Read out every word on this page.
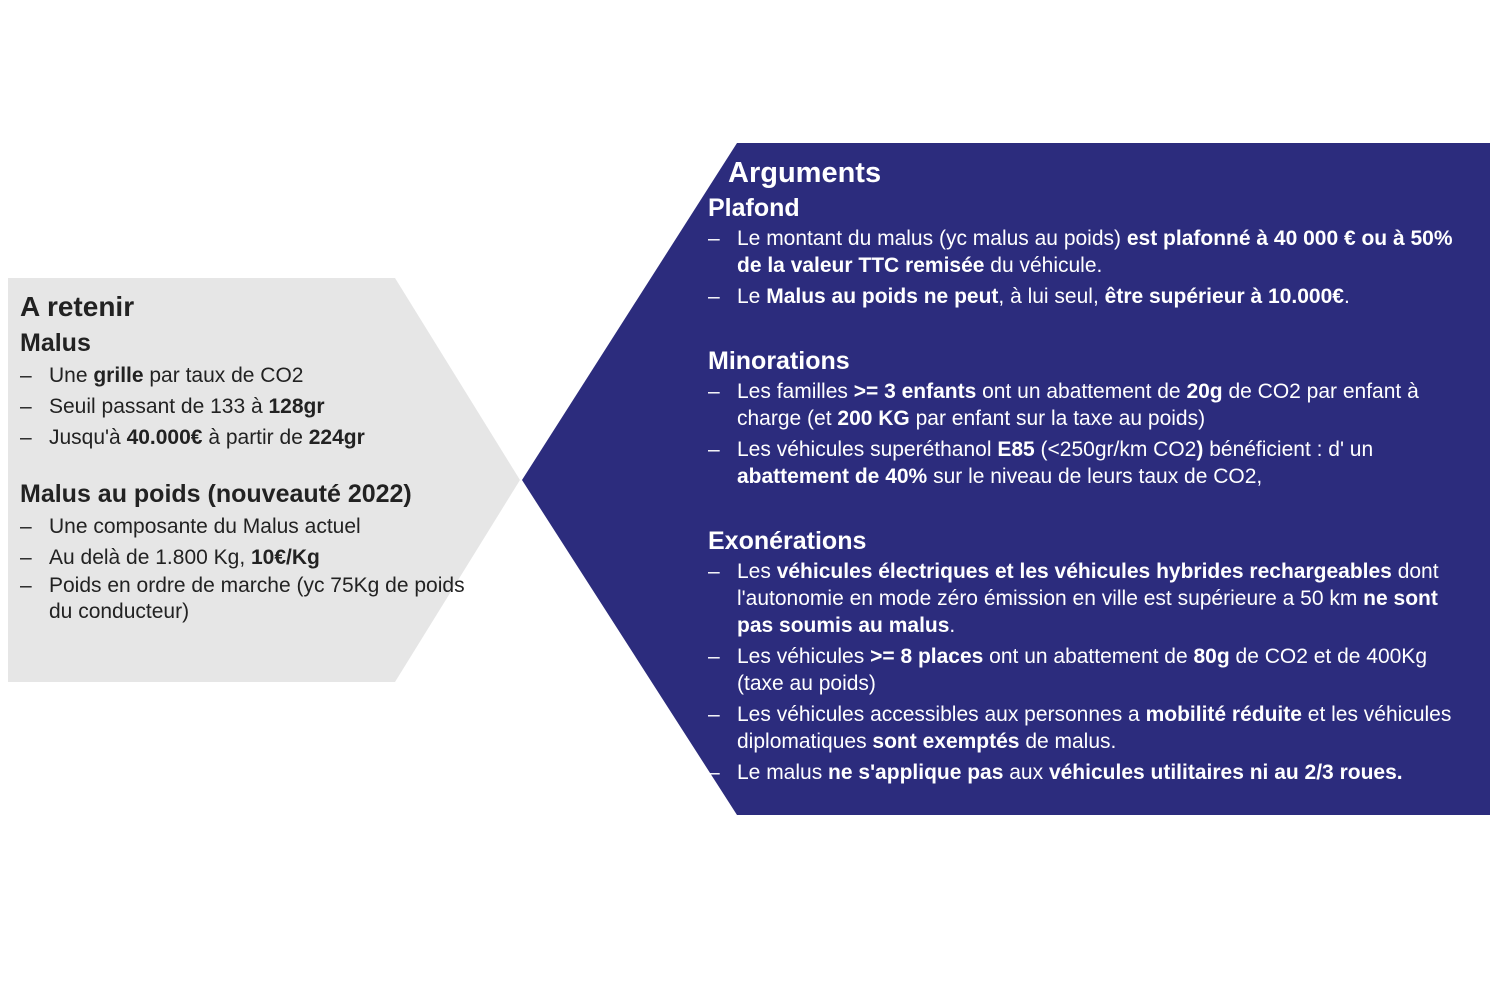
A retenir
Malus
– Une grille par taux de CO2
– Seuil passant de 133 à 128gr
– Jusqu'à 40.000€ à partir de 224gr
Malus au poids (nouveauté 2022)
– Une composante du Malus actuel
– Au delà de 1.800 Kg, 10€/Kg
– Poids en ordre de marche (yc 75Kg de poids du conducteur)
Arguments
Plafond
– Le montant du malus (yc malus au poids) est plafonné à 40 000 € ou à 50% de la valeur TTC remisée du véhicule.
– Le Malus au poids ne peut, à lui seul, être supérieur à 10.000€.
Minorations
– Les familles >= 3 enfants ont un abattement de 20g de CO2 par enfant à charge (et 200 KG par enfant sur la taxe au poids)
– Les véhicules superéthanol E85 (<250gr/km CO2) bénéficient : d' un abattement de 40% sur le niveau de leurs taux de CO2,
Exonérations
– Les véhicules électriques et les véhicules hybrides rechargeables dont l'autonomie en mode zéro émission en ville est supérieure a 50 km ne sont pas soumis au malus.
– Les véhicules >= 8 places ont un abattement de 80g de CO2 et de 400Kg (taxe au poids)
– Les véhicules accessibles aux personnes a mobilité réduite et les véhicules diplomatiques sont exemptés de malus.
– Le malus ne s'applique pas aux véhicules utilitaires ni au 2/3 roues.
